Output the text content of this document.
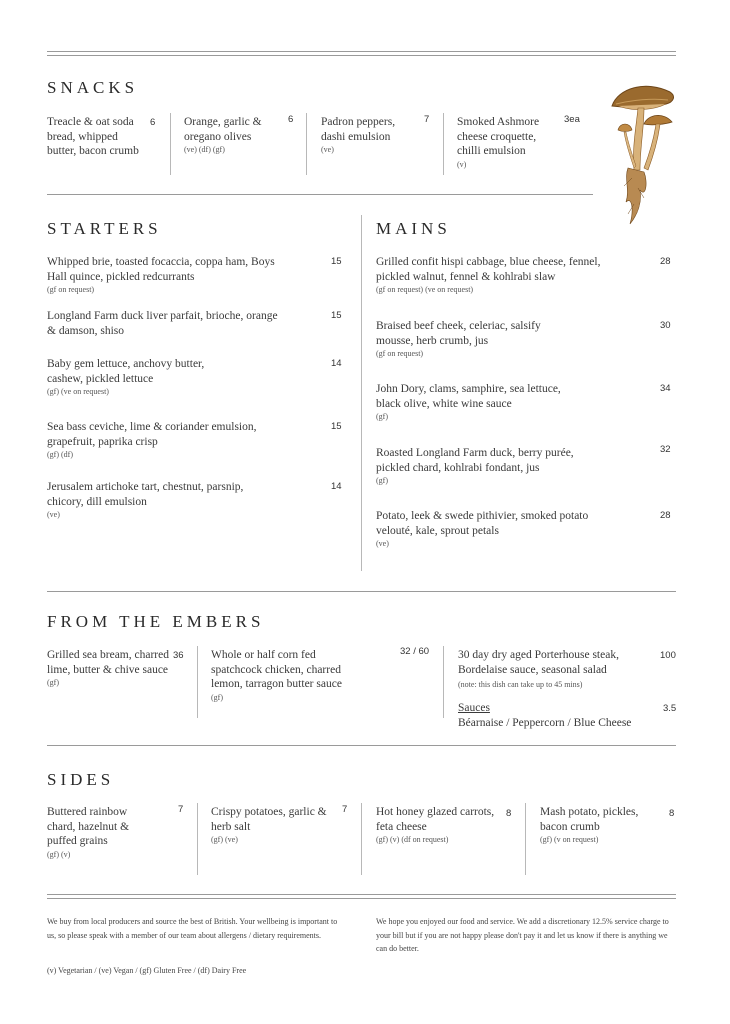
SNACKS
Treacle & oat soda bread, whipped butter, bacon crumb
6 Orange, garlic & oregano olives
(ve) (df) (gf)
6 Padron peppers, dashi emulsion
(ve)
7 Smoked Ashmore cheese croquette, chilli emulsion
(v)
3ea
STARTERS
Whipped brie, toasted focaccia, coppa ham, Boys Hall quince, pickled redcurrants
(gf on request)
15
Longland Farm duck liver parfait, brioche, orange & damson, shiso
15
Baby gem lettuce, anchovy butter, cashew, pickled lettuce
(gf) (ve on request)
14
Sea bass ceviche, lime & coriander emulsion, grapefruit, paprika crisp
(gf) (df)
15
Jerusalem artichoke tart, chestnut, parsnip, chicory, dill emulsion
(ve)
14
MAINS
Grilled confit hispi cabbage, blue cheese, fennel, pickled walnut, fennel & kohlrabi slaw
(gf on request) (ve on request)
28
Braised beef cheek, celeriac, salsify mousse, herb crumb, jus
(gf on request)
30
John Dory, clams, samphire, sea lettuce, black olive, white wine sauce
(gf)
34
Roasted Longland Farm duck, berry purée, pickled chard, kohlrabi fondant, jus
(gf)
32
Potato, leek & swede pithivier, smoked potato velouté, kale, sprout petals
(ve)
28
FROM THE EMBERS
Grilled sea bream, charred lime, butter & chive sauce
(gf)
36 Whole or half corn fed spatchcock chicken, charred lemon, tarragon butter sauce
(gf)
32 / 60	30 day dry aged Porterhouse steak, Bordelaise sauce, seasonal salad
(note: this dish can take up to 45 mins)
100
Sauces
Béarnaise / Peppercorn / Blue Cheese
3.5
SIDES
Buttered rainbow chard, hazelnut & puffed grains
(gf) (v)
7 Crispy potatoes, garlic & herb salt
(gf) (ve)
7 Hot honey glazed carrots, feta cheese
(gf) (v) (df on request)
8 Mash potato, pickles, bacon crumb
(gf) (v on request)
8
We buy from local producers and source the best of British. Your wellbeing is important to us, so please speak with a member of our team about allergens / dietary requirements.
We hope you enjoyed our food and service. We add a discretionary 12.5% service charge to your bill but if you are not happy please don't pay it and let us know if there is anything we can do better.
(v) Vegetarian / (ve) Vegan / (gf) Gluten Free / (df) Dairy Free
